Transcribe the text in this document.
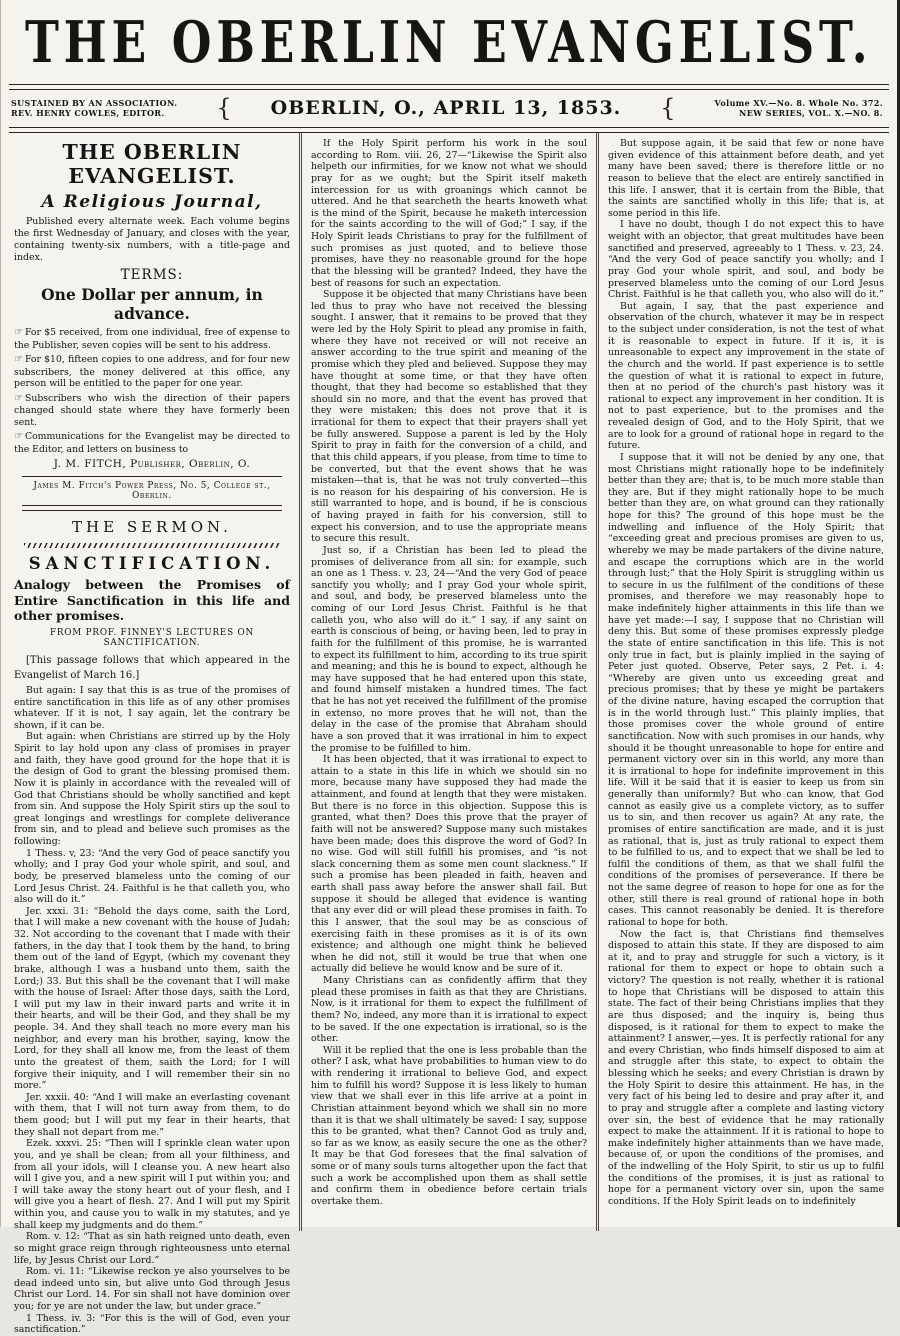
THE OBERLIN EVANGELIST.
SUSTAINED BY AN ASSOCIATION.
REV. HENRY COWLES, EDITOR.	{ OBERLIN, O., APRIL 13, 1853. {	Volume XV.—No. 8. Whole No. 372.
NEW SERIES, VOL. X.—NO. 8.
THE OBERLIN EVANGELIST.
A Religious Journal,

Published every alternate week. Each volume begins the first Wednesday of January, and closes with the year, containing twenty-six numbers, with a title-page and index.

TERMS:
One Dollar per annum, in advance.

☞ For $5 received, from one individual, free of expense to the Publisher, seven copies will be sent to his address.

☞ For $10, fifteen copies to one address, and for four new subscribers, the money delivered at this office, any person will be entitled to the paper for one year.

☞ Subscribers who wish the direction of their papers changed should state where they have formerly been sent.

☞ Communications for the Evangelist may be directed to the Editor, and letters on business to

J. M. FITCH, Publisher, Oberlin, O.
James M. Fitch's Power Press, No. 5, College st., Oberlin.
THE SERMON.
SANCTIFICATION.
Analogy between the Promises of Entire Sanctification in this life and other promises.
FROM PROF. FINNEY'S LECTURES ON SANCTIFICATION.

[This passage follows that which appeared in the Evangelist of March 16.]

But again: I say that this is as true of the promises of entire sanctification in this life as of any other promises whatever. If it is not, I say again, let the contrary be shown, if it can be.

But again: when Christians are stirred up by the Holy Spirit to lay hold upon any class of promises in prayer and faith, they have good ground for the hope that it is the design of God to grant the blessing promised them. Now it is plainly in accordance with the revealed will of God that Christians should be wholly sanctified and kept from sin. And suppose the Holy Spirit stirs up the soul to great longings and wrestlings for complete deliverance from sin, and to plead and believe such promises as the following:

1 Thess. v, 23: “And the very God of peace sanctify you wholly; and I pray God your whole spirit, and soul, and body, be preserved blameless unto the coming of our Lord Jesus Christ. 24. Faithful is he that calleth you, who also will do it.”

Jer. xxxi. 31: “Behold the days come, saith the Lord, that I will make a new covenant with the house of Judah; 32. Not according to the covenant that I made with their fathers, in the day that I took them by the hand, to bring them out of the land of Egypt, (which my covenant they brake, although I was a husband unto them, saith the Lord;) 33. But this shall be the covenant that I will make with the house of Israel: After those days, saith the Lord, I will put my law in their inward parts and write it in their hearts, and will be their God, and they shall be my people. 34. And they shall teach no more every man his neighbor, and every man his brother, saying, know the Lord, for they shall all know me, from the least of them unto the greatest of them, saith the Lord; for I will forgive their iniquity, and I will remember their sin no more.”

Jer. xxxii. 40: “And I will make an everlasting covenant with them, that I will not turn away from them, to do them good; but I will put my fear in their hearts, that they shall not depart from me.”

Ezek. xxxvi. 25: “Then will I sprinkle clean water upon you, and ye shall be clean; from all your filthiness, and from all your idols, will I cleanse you. A new heart also will I give you, and a new spirit will I put within you; and I will take away the stony heart out of your flesh, and I will give you a heart of flesh. 27. And I will put my Spirit within you, and cause you to walk in my statutes, and ye shall keep my judgments and do them.”

Rom. v. 12: “That as sin hath reigned unto death, even so might grace reign through righteousness unto eternal life, by Jesus Christ our Lord.”

Rom. vi. 11: “Likewise reckon ye also yourselves to be dead indeed unto sin, but alive unto God through Jesus Christ our Lord. 14. For sin shall not have dominion over you; for ye are not under the law, but under grace.”

1 Thess. iv. 3: “For this is the will of God, even your sanctification.”

If the Holy Spirit perform his work in the soul according to Rom. viii. 26, 27—“Likewise the Spirit also helpeth our infirmities, for we know not what we should pray for as we ought; but the Spirit itself maketh intercession for us with groanings which cannot be uttered. And he that searcheth the hearts knoweth what is the mind of the Spirit, because he maketh intercession for the saints according to the will of God;” I say, if the Holy Spirit leads Christians to pray for the fulfillment of such promises as just quoted, and to believe those promises, have they no reasonable ground for the hope that the blessing will be granted? Indeed, they have the best of reasons for such an expectation.

Suppose it be objected that many Christians have been led thus to pray who have not received the blessing sought. I answer, that it remains to be proved that they were led by the Holy Spirit to plead any promise in faith, where they have not received or will not receive an answer according to the true spirit and meaning of the promise which they pled and believed. Suppose they may have thought at some time, or that they have often thought, that they had become so established that they should sin no more, and that the event has proved that they were mistaken; this does not prove that it is irrational for them to expect that their prayers shall yet be fully answered. Suppose a parent is led by the Holy Spirit to pray in faith for the conversion of a child, and that this child appears, if you please, from time to time to be converted, but that the event shows that he was mistaken—that is, that he was not truly converted—this is no reason for his despairing of his conversion. He is still warranted to hope, and is bound, if he is conscious of having prayed in faith for his conversion, still to expect his conversion, and to use the appropriate means to secure this result.

Just so, if a Christian has been led to plead the promises of deliverance from all sin: for example, such an one as 1 Thess. v. 23, 24—“And the very God of peace sanctify you wholly; and I pray God your whole spirit, and soul, and body, be preserved blameless unto the coming of our Lord Jesus Christ. Faithful is he that calleth you, who also will do it.” I say, if any saint on earth is conscious of being, or having been, led to pray in faith for the fulfillment of this promise, he is warranted to expect its fulfillment to him, according to its true spirit and meaning; and this he is bound to expect, although he may have supposed that he had entered upon this state, and found himself mistaken a hundred times. The fact that he has not yet received the fulfillment of the promise in extenso, no more proves that he will not, than the delay in the case of the promise that Abraham should have a son proved that it was irrational in him to expect the promise to be fulfilled to him.

It has been objected, that it was irrational to expect to attain to a state in this life in which we should sin no more, because many have supposed they had made the attainment, and found at length that they were mistaken. But there is no force in this objection. Suppose this is granted, what then? Does this prove that the prayer of faith will not be answered? Suppose many such mistakes have been made; does this disprove the word of God? In no wise. God will still fulfill his promises, and “is not slack concerning them as some men count slackness.” If such a promise has been pleaded in faith, heaven and earth shall pass away before the answer shall fail. But suppose it should be alleged that evidence is wanting that any ever did or will plead these promises in faith. To this I answer, that the soul may be as conscious of exercising faith in these promises as it is of its own existence; and although one might think he believed when he did not, still it would be true that when one actually did believe he would know and be sure of it.

Many Christians can as confidently affirm that they plead these promises in faith as that they are Christians. Now, is it irrational for them to expect the fulfillment of them? No, indeed, any more than it is irrational to expect to be saved. If the one expectation is irrational, so is the other.

Will it be replied that the one is less probable than the other? I ask, what have probabilities to human view to do with rendering it irrational to believe God, and expect him to fulfill his word? Suppose it is less likely to human view that we shall ever in this life arrive at a point in Christian attainment beyond which we shall sin no more than it is that we shall ultimately be saved: I say, suppose this to be granted, what then? Cannot God as truly and, so far as we know, as easily secure the one as the other? It may be that God foresees that the final salvation of some or of many souls turns altogether upon the fact that such a work be accomplished upon them as shall settle and confirm them in obedience before certain trials overtake them.

But suppose again, it be said that few or none have given evidence of this attainment before death, and yet many have been saved; there is therefore little or no reason to believe that the elect are entirely sanctified in this life. I answer, that it is certain from the Bible, that the saints are sanctified wholly in this life; that is, at some period in this life.

I have no doubt, though I do not expect this to have weight with an objector, that great multitudes have been sanctified and preserved, agreeably to 1 Thess. v. 23, 24. “And the very God of peace sanctify you wholly; and I pray God your whole spirit, and soul, and body be preserved blameless unto the coming of our Lord Jesus Christ. Faithful is he that calleth you, who also will do it.”

But again, I say, that the past experience and observation of the church, whatever it may be in respect to the subject under consideration, is not the test of what it is reasonable to expect in future. If it is, it is unreasonable to expect any improvement in the state of the church and the world. If past experience is to settle the question of what it is rational to expect in future, then at no period of the church's past history was it rational to expect any improvement in her condition. It is not to past experience, but to the promises and the revealed design of God, and to the Holy Spirit, that we are to look for a ground of rational hope in regard to the future.

I suppose that it will not be denied by any one, that most Christians might rationally hope to be indefinitely better than they are; that is, to be much more stable than they are. But if they might rationally hope to be much better than they are, on what ground can they rationally hope for this? The ground of this hope must be the indwelling and influence of the Holy Spirit; that “exceeding great and precious promises are given to us, whereby we may be made partakers of the divine nature, and escape the corruptions which are in the world through lust;” that the Holy Spirit is struggling within us to secure in us the fulfilment of the conditions of these promises, and therefore we may reasonably hope to make indefinitely higher attainments in this life than we have yet made:—I say, I suppose that no Christian will deny this. But some of these promises expressly pledge the state of entire sanctification in this life. This is not only true in fact, but is plainly implied in the saying of Peter just quoted. Observe, Peter says, 2 Pet. i. 4: “Whereby are given unto us exceeding great and precious promises; that by these ye might be partakers of the divine nature, having escaped the corruption that is in the world through lust.” This plainly implies, that those promises cover the whole ground of entire sanctification. Now with such promises in our hands, why should it be thought unreasonable to hope for entire and permanent victory over sin in this world, any more than it is irrational to hope for indefinite improvement in this life. Will it be said that it is easier to keep us from sin generally than uniformly? But who can know, that God cannot as easily give us a complete victory, as to suffer us to sin, and then recover us again? At any rate, the promises of entire sanctification are made, and it is just as rational, that is, just as truly rational to expect them to be fulfilled to us, and to expect that we shall be led to fulfil the conditions of them, as that we shall fulfil the conditions of the promises of perseverance. If there be not the same degree of reason to hope for one as for the other, still there is real ground of rational hope in both cases. This cannot reasonably be denied. It is therefore rational to hope for both.

Now the fact is, that Christians find themselves disposed to attain this state. If they are disposed to aim at it, and to pray and struggle for such a victory, is it rational for them to expect or hope to obtain such a victory? The question is not really, whether it is rational to hope that Christians will be disposed to attain this state. The fact of their being Christians implies that they are thus disposed; and the inquiry is, being thus disposed, is it rational for them to expect to make the attainment? I answer,—yes. It is perfectly rational for any and every Christian, who finds himself disposed to aim at and struggle after this state, to expect to obtain the blessing which he seeks; and every Christian is drawn by the Holy Spirit to desire this attainment. He has, in the very fact of his being led to desire and pray after it, and to pray and struggle after a complete and lasting victory over sin, the best of evidence that he may rationally expect to make the attainment. If it is rational to hope to make indefinitely higher attainments than we have made, because of, or upon the conditions of the promises, and of the indwelling of the Holy Spirit, to stir us up to fulfil the conditions of the promises, it is just as rational to hope for a permanent victory over sin, upon the same conditions. If the Holy Spirit leads on to indefinitely
